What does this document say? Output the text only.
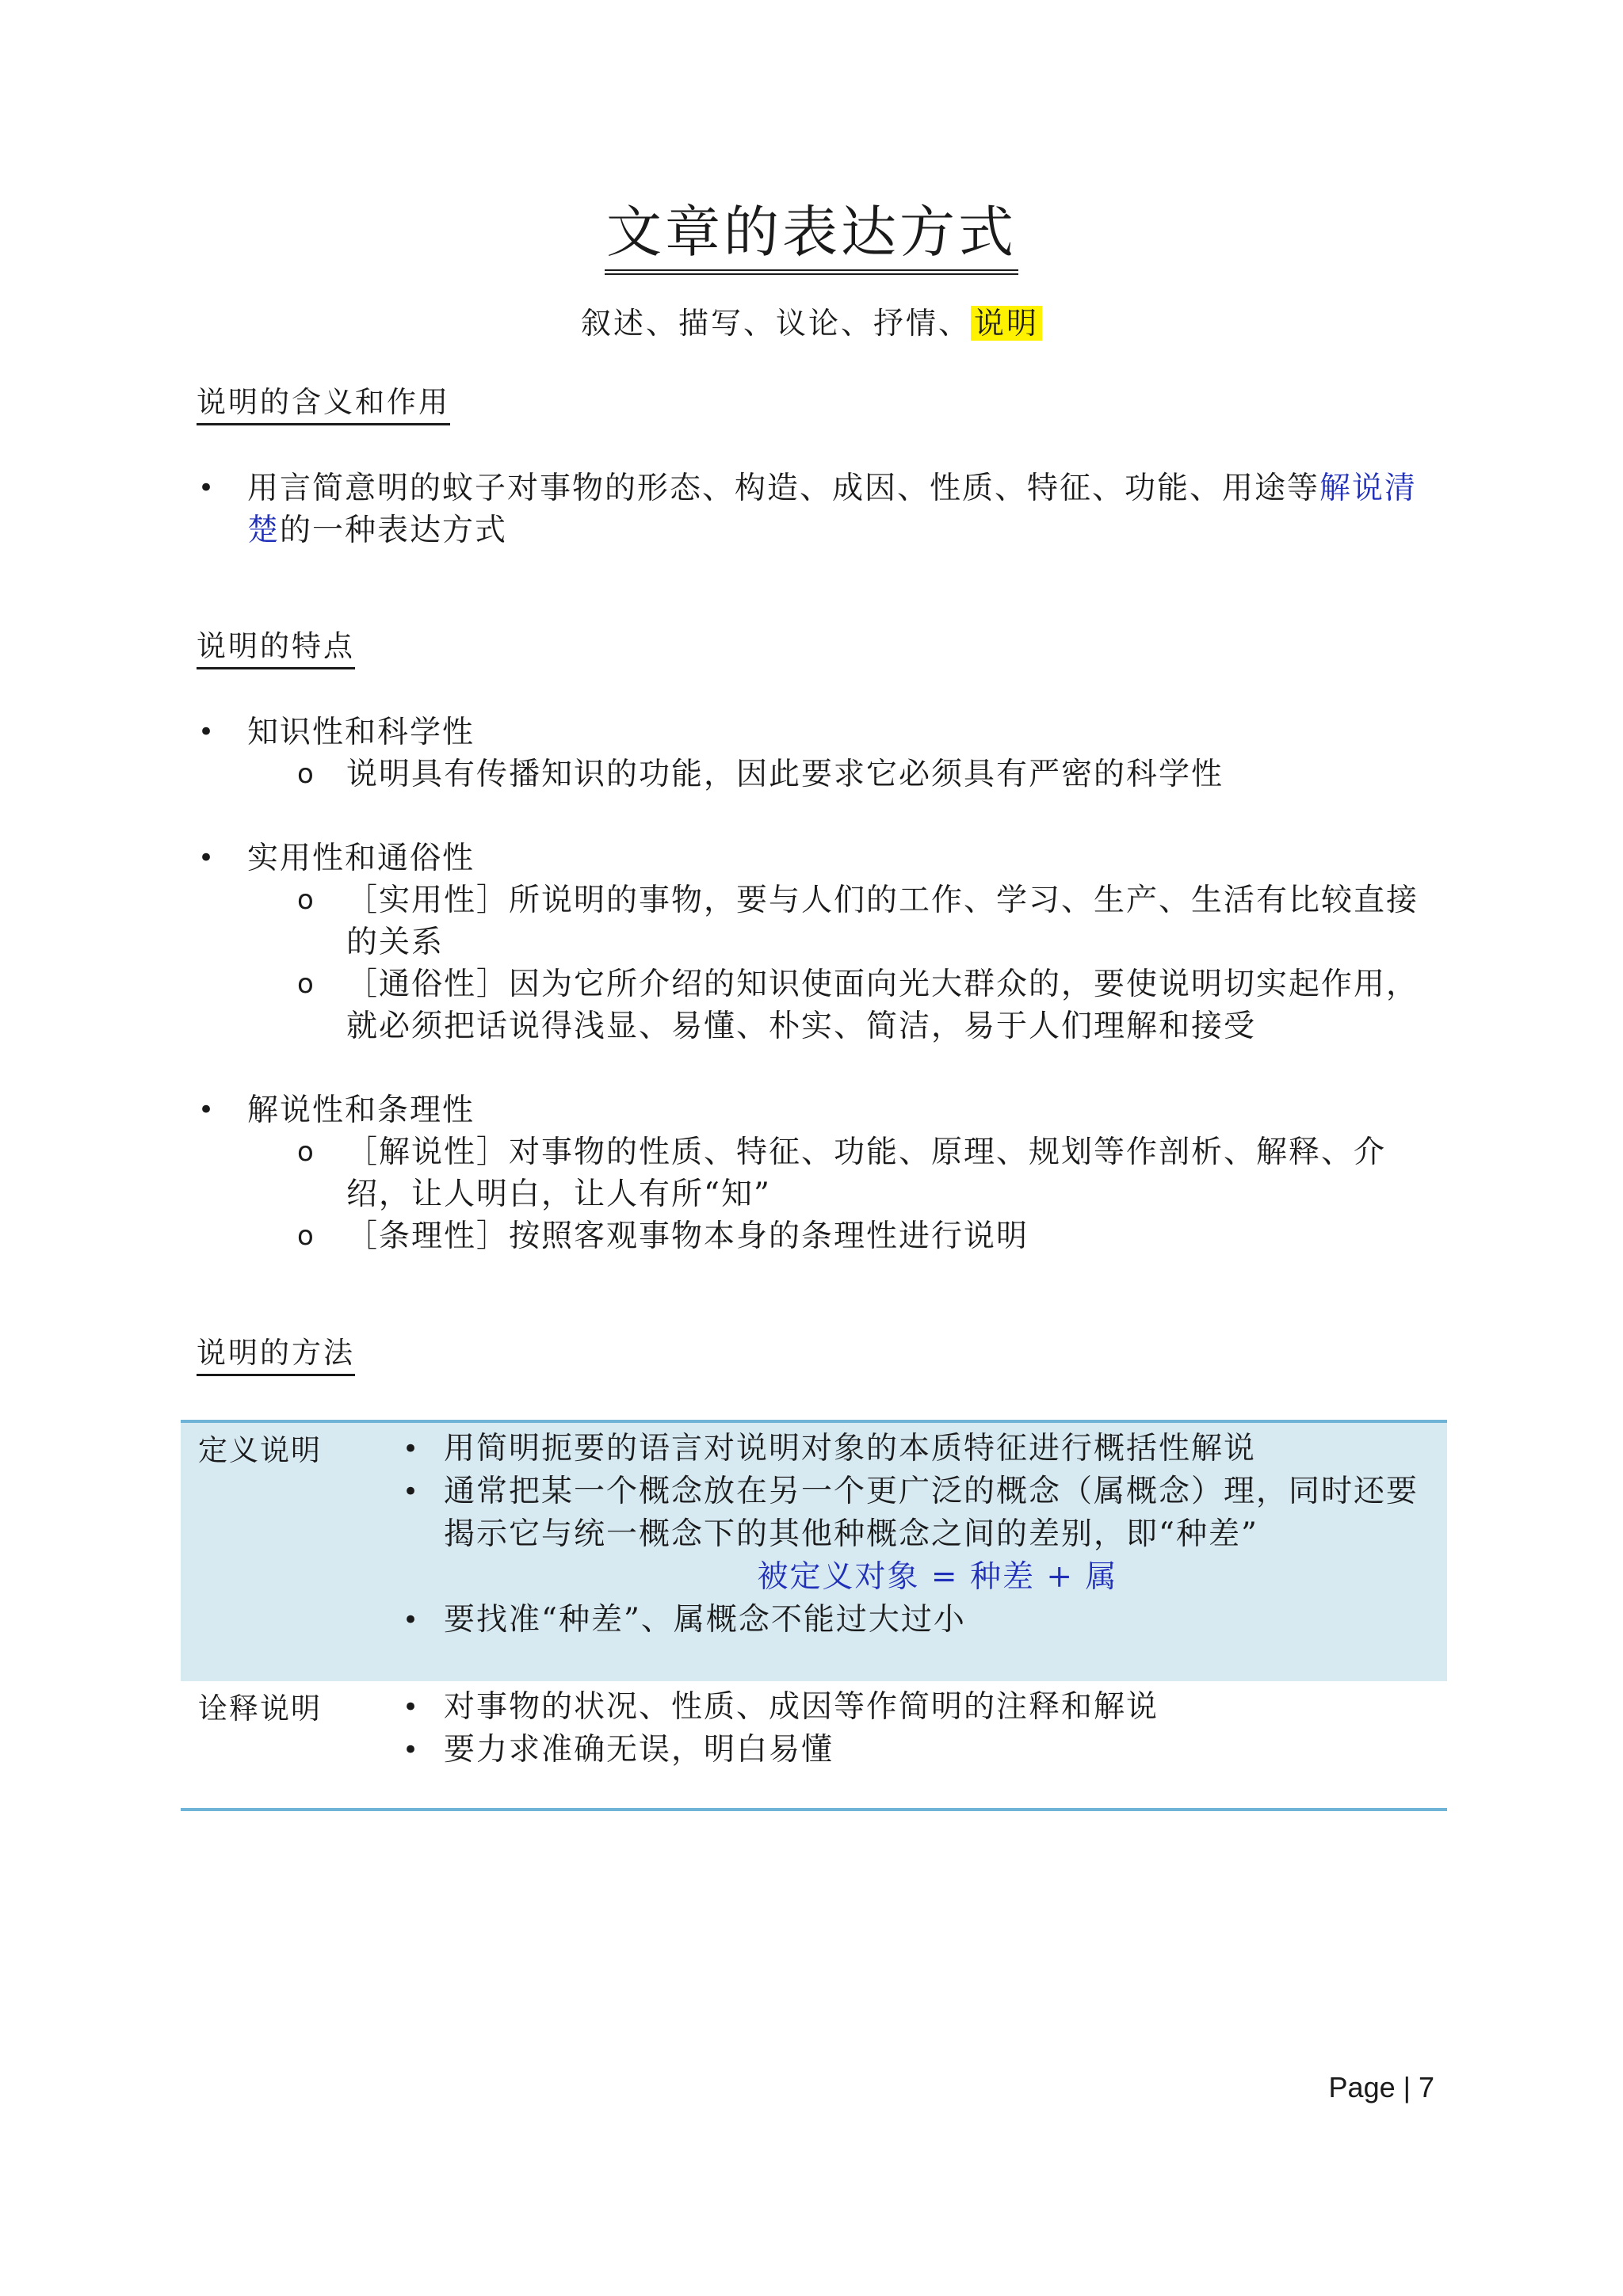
文章的表达方式
叙述、描写、议论、抒情、 说明
说明的含义和作用
• 用言简意明的蚊子对事物的形态、构造、成因、性质、特征、功能、用途等解说清楚的一种表达方式
说明的特点
• 知识性和科学性
o 说明具有传播知识的功能，因此要求它必须具有严密的科学性
• 实用性和通俗性
o ［实用性］所说明的事物，要与人们的工作、学习、生产、生活有比较直接的关系
o ［通俗性］因为它所介绍的知识使面向光大群众的，要使说明切实起作用，就必须把话说得浅显、易懂、朴实、简洁，易于人们理解和接受
• 解说性和条理性
o ［解说性］对事物的性质、特征、功能、原理、规划等作剖析、解释、介绍，让人明白，让人有所“知”
o ［条理性］按照客观事物本身的条理性进行说明
说明的方法
定义说明	• 用简明扼要的语言对说明对象的本质特征进行概括性解说
• 通常把某一个概念放在另一个更广泛的概念（属概念）理，同时还要揭示它与统一概念下的其他种概念之间的差别，即“种差”
被定义对象 = 种差 + 属
• 要找准“种差”、属概念不能过大过小
诠释说明	• 对事物的状况、性质、成因等作简明的注释和解说
• 要力求准确无误，明白易懂
Page | 7
